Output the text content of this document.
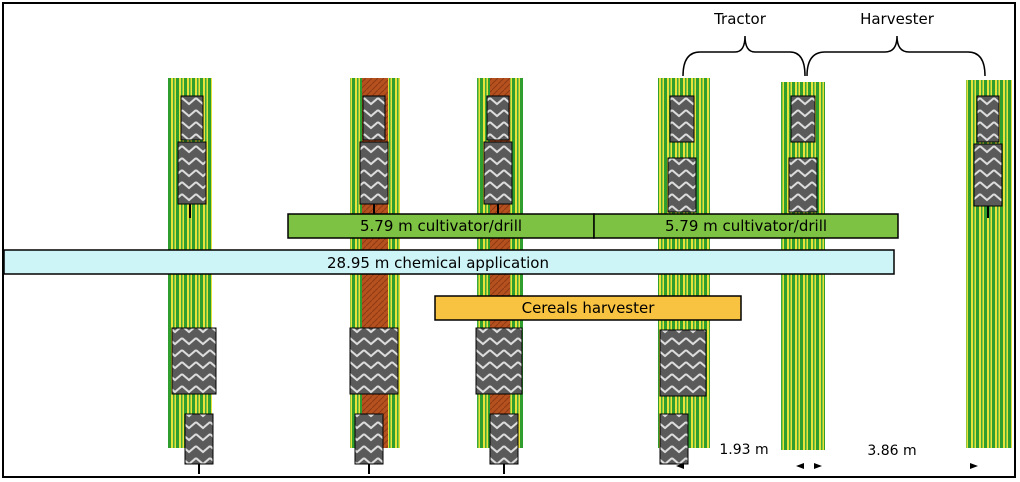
5.79 m cultivator/drill	5.79 m cultivator/drill
28.95 m chemical application
Cereals harvester
Tractor	Harvester
1.93 m	3.86 m
